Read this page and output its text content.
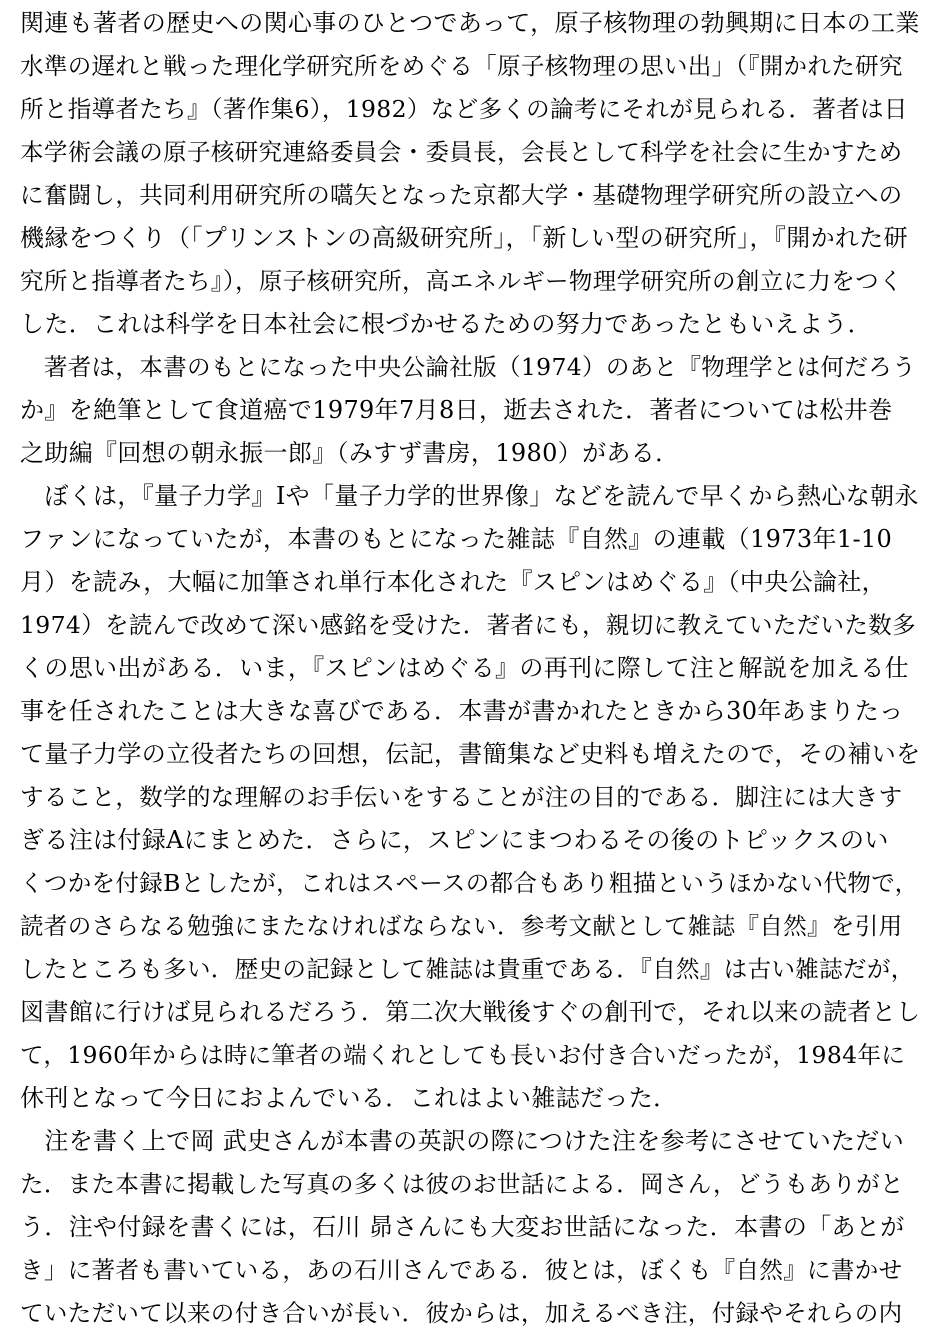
関連も著者の歴史への関心事のひとつであって，原子核物理の勃興期に日本の工業
水準の遅れと戦った理化学研究所をめぐる「原子核物理の思い出」（『開かれた研究
所と指導者たち』（著作集6），1982）など多くの論考にそれが見られる．著者は日
本学術会議の原子核研究連絡委員会・委員長，会長として科学を社会に生かすため
に奮闘し，共同利用研究所の嚆矢となった京都大学・基礎物理学研究所の設立への
機縁をつくり（「プリンストンの高級研究所」，「新しい型の研究所」，『開かれた研
究所と指導者たち』），原子核研究所，高エネルギー物理学研究所の創立に力をつく
した．これは科学を日本社会に根づかせるための努力であったともいえよう．
　著者は，本書のもとになった中央公論社版（1974）のあと『物理学とは何だろう
か』を絶筆として食道癌で1979年7月8日，逝去された．著者については松井巻
之助編『回想の朝永振一郎』（みすず書房，1980）がある．
　ぼくは，『量子力学』Iや「量子力学的世界像」などを読んで早くから熱心な朝永
ファンになっていたが，本書のもとになった雑誌『自然』の連載（1973年1-10
月）を読み，大幅に加筆され単行本化された『スピンはめぐる』（中央公論社，
1974）を読んで改めて深い感銘を受けた．著者にも，親切に教えていただいた数多
くの思い出がある．いま，『スピンはめぐる』の再刊に際して注と解説を加える仕
事を任されたことは大きな喜びである．本書が書かれたときから30年あまりたっ
て量子力学の立役者たちの回想，伝記，書簡集など史料も増えたので，その補いを
すること，数学的な理解のお手伝いをすることが注の目的である．脚注には大きす
ぎる注は付録Aにまとめた．さらに，スピンにまつわるその後のトピックスのい
くつかを付録Bとしたが，これはスペースの都合もあり粗描というほかない代物で，
読者のさらなる勉強にまたなければならない．参考文献として雑誌『自然』を引用
したところも多い．歴史の記録として雑誌は貴重である．『自然』は古い雑誌だが，
図書館に行けば見られるだろう．第二次大戦後すぐの創刊で，それ以来の読者とし
て，1960年からは時に筆者の端くれとしても長いお付き合いだったが，1984年に
休刊となって今日におよんでいる．これはよい雑誌だった．
　注を書く上で岡 武史さんが本書の英訳の際につけた注を参考にさせていただい
た．また本書に掲載した写真の多くは彼のお世話による．岡さん，どうもありがと
う．注や付録を書くには，石川 昴さんにも大変お世話になった．本書の「あとが
き」に著者も書いている，あの石川さんである．彼とは，ぼくも『自然』に書かせ
ていただいて以来の付き合いが長い．彼からは，加えるべき注，付録やそれらの内
